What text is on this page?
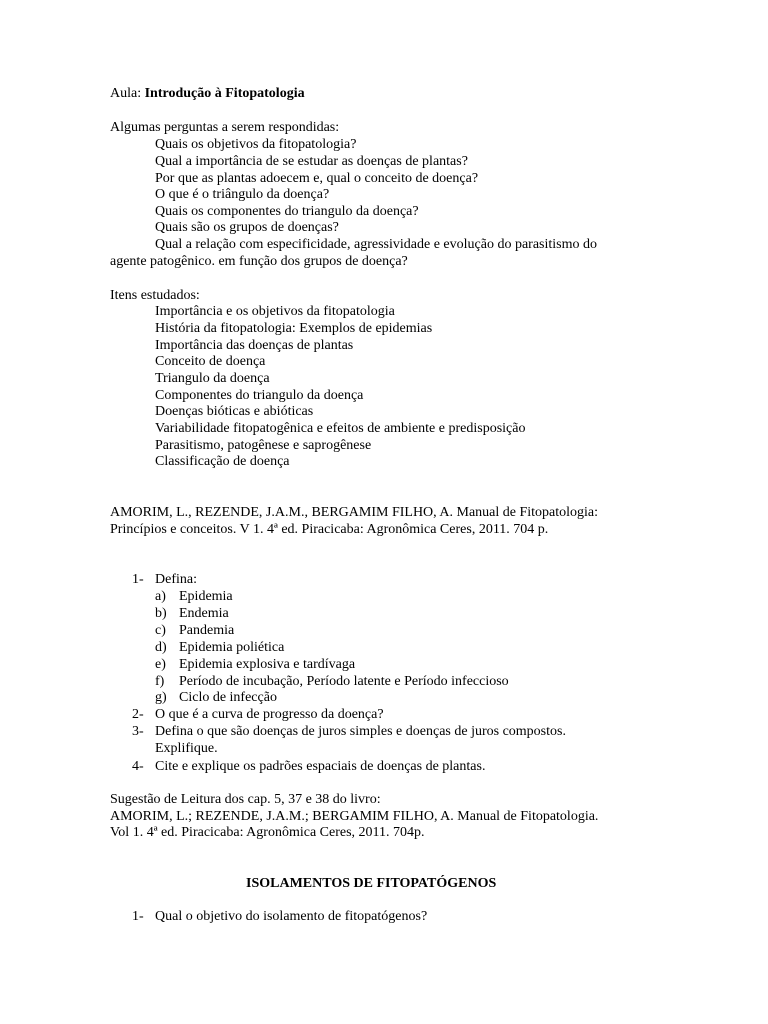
Aula: Introdução à Fitopatologia
Algumas perguntas a serem respondidas:
Quais os objetivos da fitopatologia?
Qual a importância de se estudar as doenças de plantas?
Por que as plantas adoecem e, qual o conceito de doença?
O que é o triângulo da doença?
Quais os componentes do triangulo da doença?
Quais são os grupos de doenças?
Qual a relação com especificidade, agressividade e evolução do parasitismo do
agente patogênico. em função dos grupos de doença?
Itens estudados:
Importância e os objetivos da fitopatologia
História da fitopatologia: Exemplos de epidemias
Importância das doenças de plantas
Conceito de doença
Triangulo da doença
Componentes do triangulo da doença
Doenças bióticas e abióticas
Variabilidade fitopatogênica e efeitos de ambiente e predisposição
Parasitismo, patogênese e saprogênese
Classificação de doença
AMORIM, L., REZENDE, J.A.M., BERGAMIM FILHO, A. Manual de Fitopatologia:
Princípios e conceitos. V 1. 4ª ed. Piracicaba: Agronômica Ceres, 2011. 704 p.
1- Defina:
a) Epidemia
b) Endemia
c) Pandemia
d) Epidemia poliética
e) Epidemia explosiva e tardívaga
f) Período de incubação, Período latente e Período infeccioso
g) Ciclo de infecção
2- O que é a curva de progresso da doença?
3- Defina o que são doenças de juros simples e doenças de juros compostos.
Explifique.
4- Cite e explique os padrões espaciais de doenças de plantas.
Sugestão de Leitura dos cap. 5, 37 e 38 do livro:
AMORIM, L.; REZENDE, J.A.M.; BERGAMIM FILHO, A. Manual de Fitopatologia.
Vol 1. 4ª ed. Piracicaba: Agronômica Ceres, 2011. 704p.
ISOLAMENTOS DE FITOPATÓGENOS
1- Qual o objetivo do isolamento de fitopatógenos?
